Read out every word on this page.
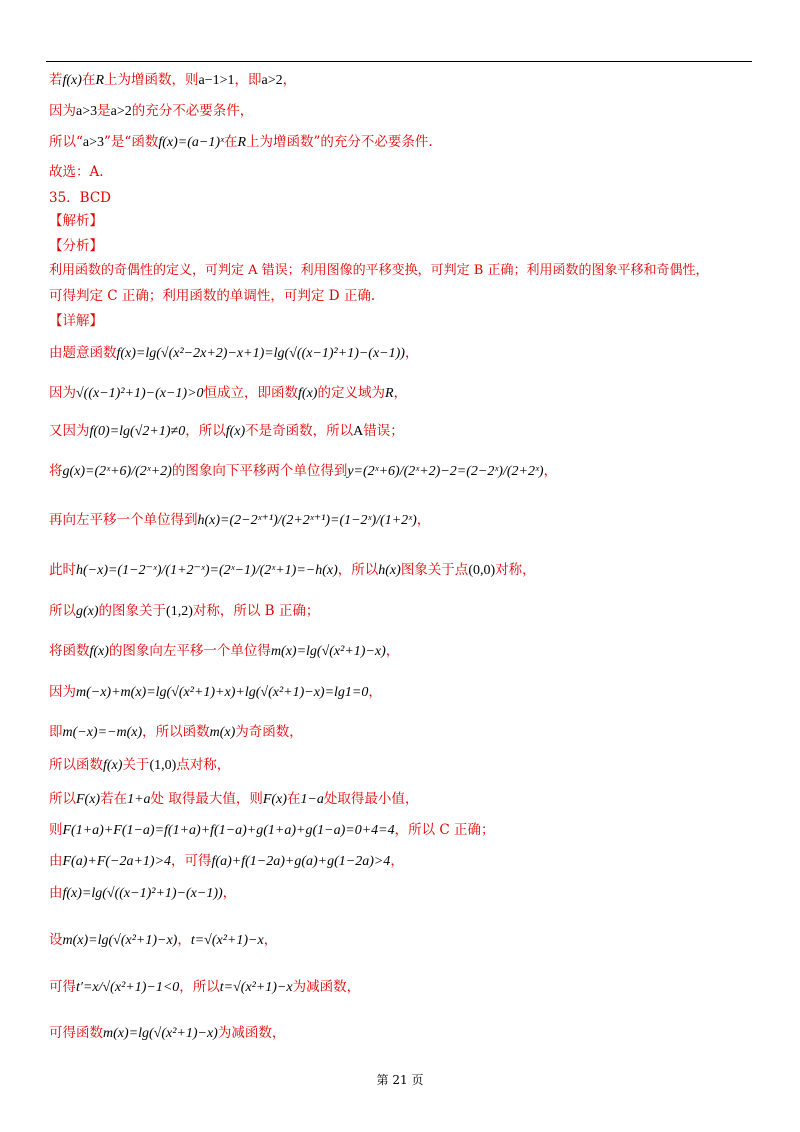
若f(x)在R上为增函数，则a−1>1，即a>2，
因为a>3是a>2的充分不必要条件，
所以“a>3”是“函数f(x)=(a−1)ˣ在R上为增函数”的充分不必要条件.
故选：A.
35．BCD
【解析】
【分析】
利用函数的奇偶性的定义，可判定 A 错误；利用图像的平移变换，可判定 B 正确；利用函数的图象平移和奇偶性，
可得判定 C 正确；利用函数的单调性，可判定 D 正确.
【详解】
由题意函数f(x)=lg(√(x²−2x+2)−x+1)=lg(√((x−1)²+1)−(x−1))，
因为√((x−1)²+1)−(x−1)>0恒成立，即函数f(x)的定义域为R，
又因为f(0)=lg(√2+1)≠0，所以f(x)不是奇函数，所以A错误；
将g(x)=(2ˣ+6)/(2ˣ+2)的图象向下平移两个单位得到y=(2ˣ+6)/(2ˣ+2)−2=(2−2ˣ)/(2+2ˣ)，
再向左平移一个单位得到h(x)=(2−2ˣ⁺¹)/(2+2ˣ⁺¹)=(1−2ˣ)/(1+2ˣ)，
此时h(−x)=(1−2⁻ˣ)/(1+2⁻ˣ)=(2ˣ−1)/(2ˣ+1)=−h(x)，所以h(x)图象关于点(0,0)对称，
所以g(x)的图象关于(1,2)对称，所以 B 正确；
将函数f(x)的图象向左平移一个单位得m(x)=lg(√(x²+1)−x)，
因为m(−x)+m(x)=lg(√(x²+1)+x)+lg(√(x²+1)−x)=lg1=0，
即m(−x)=−m(x)，所以函数m(x)为奇函数，
所以函数f(x)关于(1,0)点对称，
所以F(x)若在1+a处 取得最大值，则F(x)在1−a处取得最小值，
则F(1+a)+F(1−a)=f(1+a)+f(1−a)+g(1+a)+g(1−a)=0+4=4，所以 C 正确；
由F(a)+F(−2a+1)>4，可得f(a)+f(1−2a)+g(a)+g(1−2a)>4，
由f(x)=lg(√((x−1)²+1)−(x−1))，
设m(x)=lg(√(x²+1)−x)，t=√(x²+1)−x，
可得t′=x/√(x²+1)−1<0，所以t=√(x²+1)−x为减函数，
可得函数m(x)=lg(√(x²+1)−x)为减函数，
第 21 页
